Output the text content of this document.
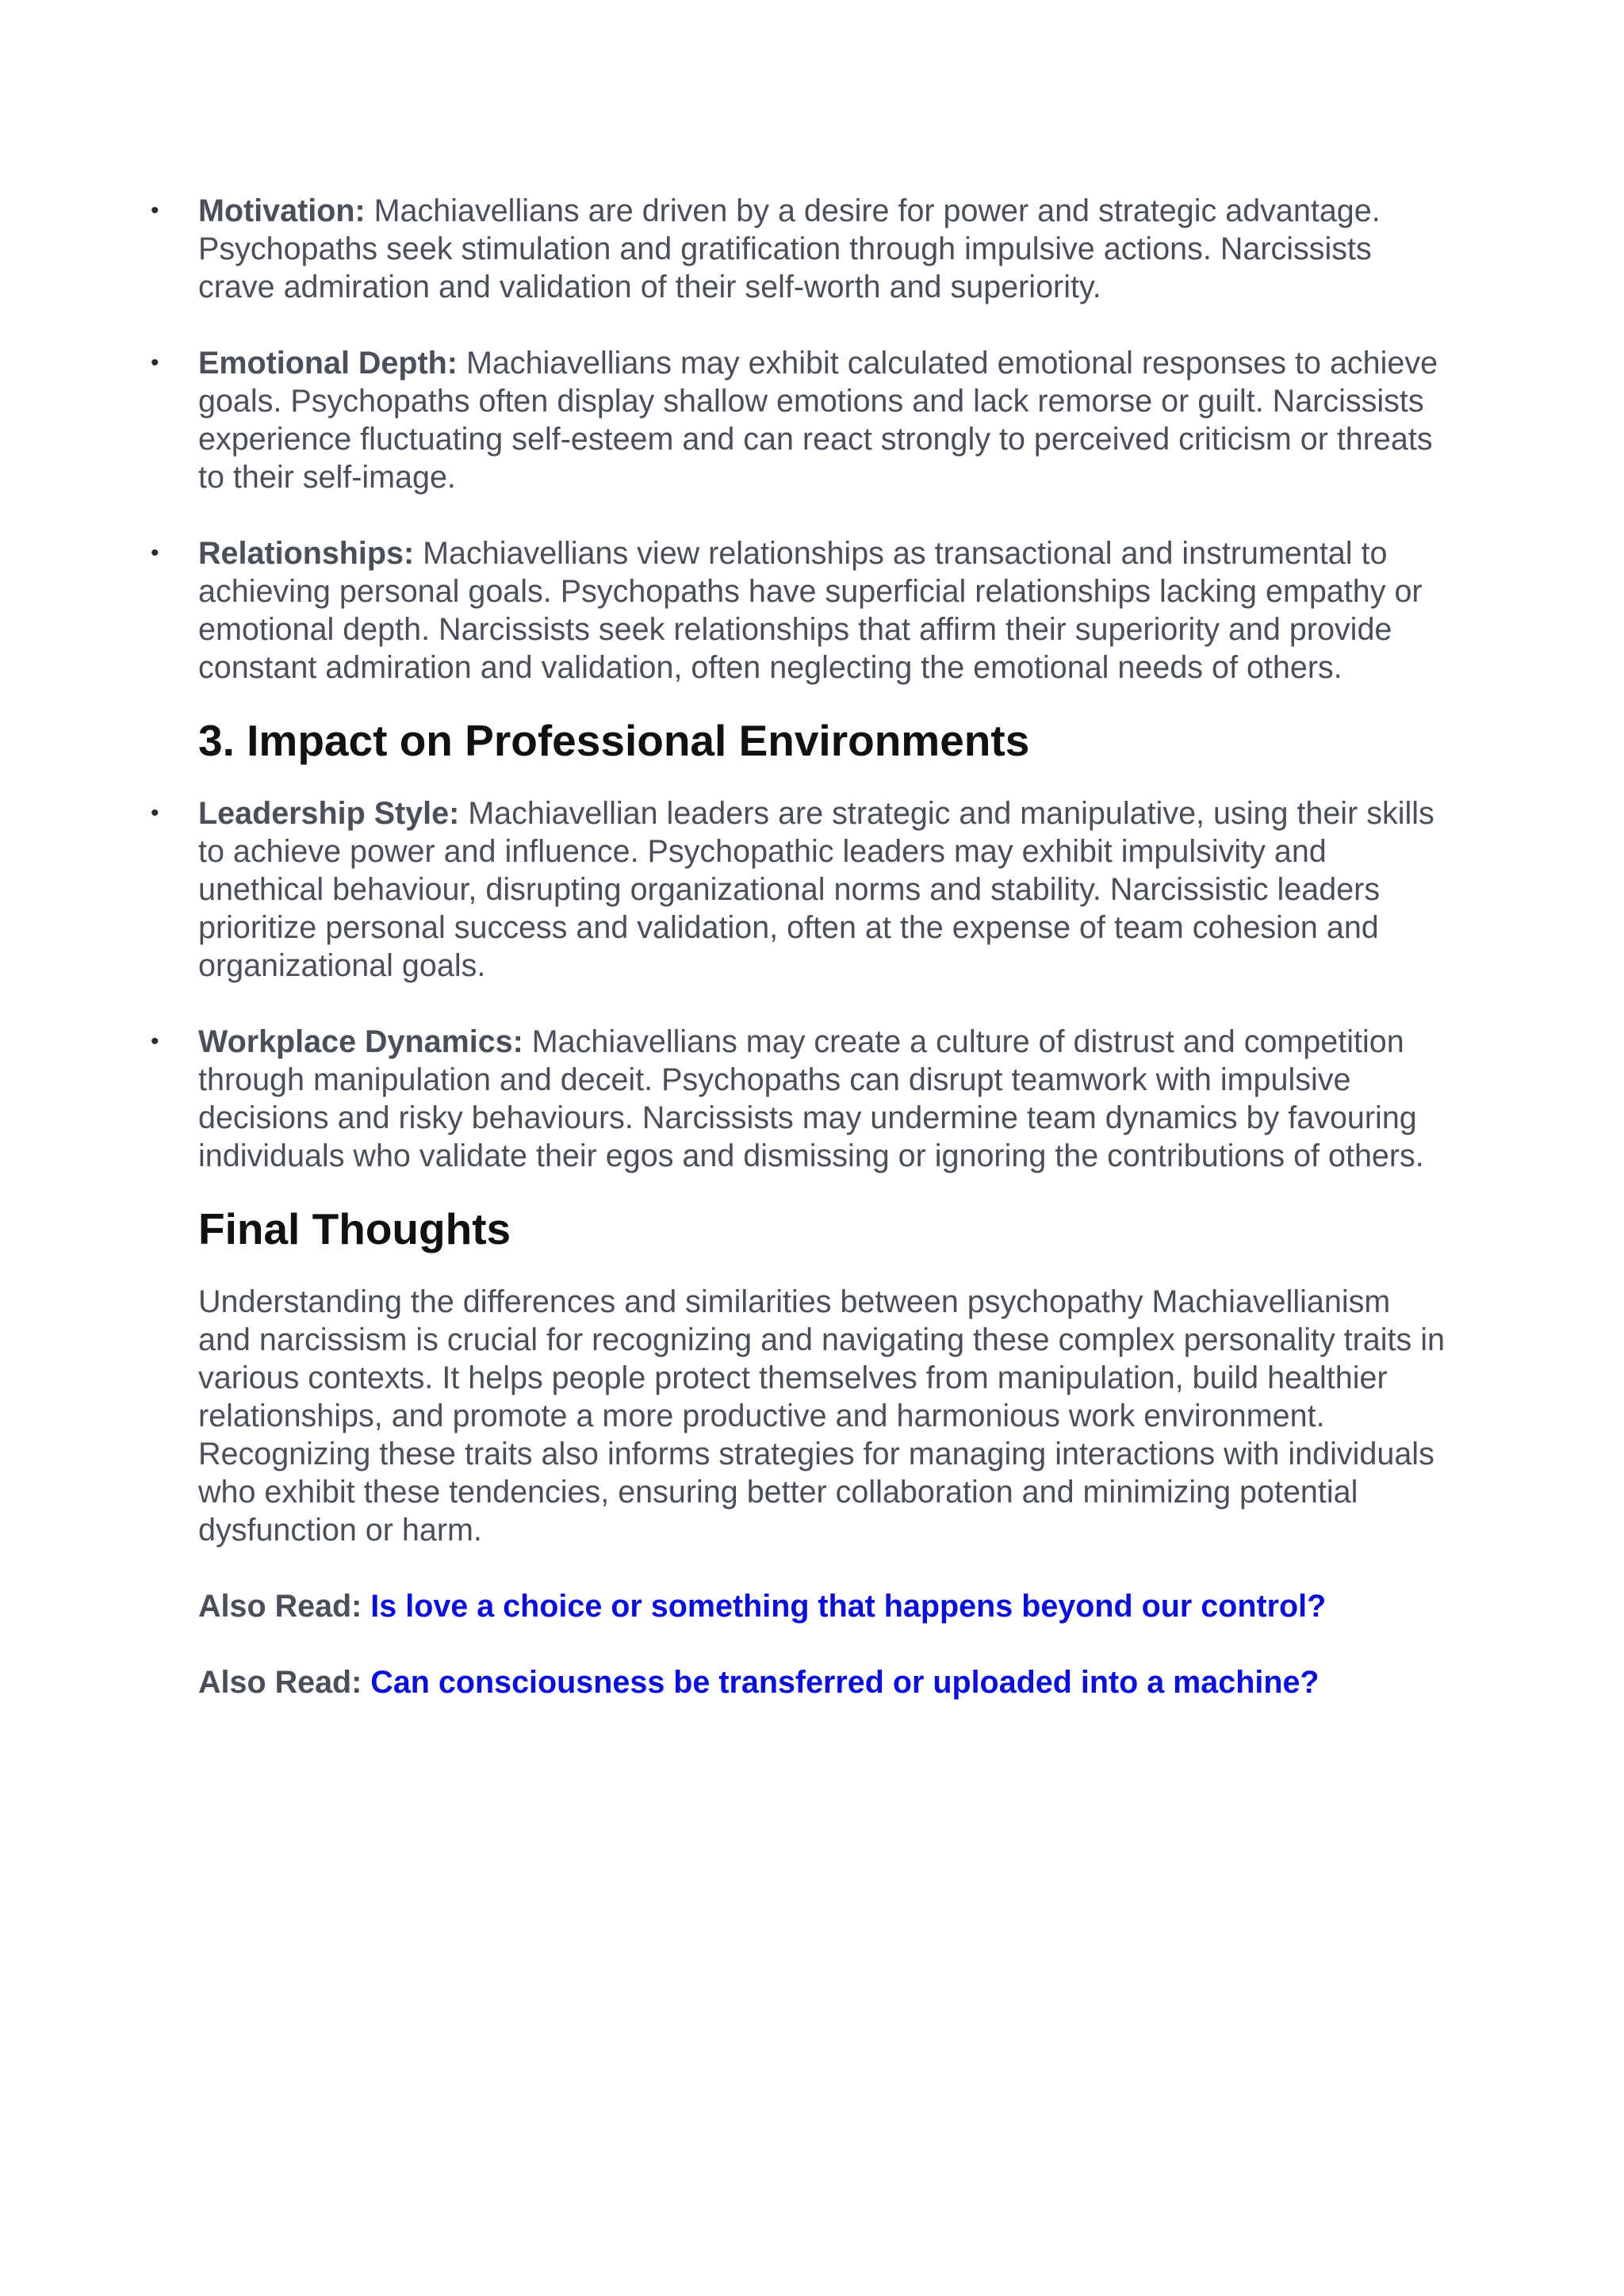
• Motivation: Machiavellians are driven by a desire for power and strategic advantage. Psychopaths seek stimulation and gratification through impulsive actions. Narcissists crave admiration and validation of their self-worth and superiority.
• Emotional Depth: Machiavellians may exhibit calculated emotional responses to achieve goals. Psychopaths often display shallow emotions and lack remorse or guilt. Narcissists experience fluctuating self-esteem and can react strongly to perceived criticism or threats to their self-image.
• Relationships: Machiavellians view relationships as transactional and instrumental to achieving personal goals. Psychopaths have superficial relationships lacking empathy or emotional depth. Narcissists seek relationships that affirm their superiority and provide constant admiration and validation, often neglecting the emotional needs of others.
3. Impact on Professional Environments
• Leadership Style: Machiavellian leaders are strategic and manipulative, using their skills to achieve power and influence. Psychopathic leaders may exhibit impulsivity and unethical behaviour, disrupting organizational norms and stability. Narcissistic leaders prioritize personal success and validation, often at the expense of team cohesion and organizational goals.
• Workplace Dynamics: Machiavellians may create a culture of distrust and competition through manipulation and deceit. Psychopaths can disrupt teamwork with impulsive decisions and risky behaviours. Narcissists may undermine team dynamics by favouring individuals who validate their egos and dismissing or ignoring the contributions of others.
Final Thoughts

Understanding the differences and similarities between psychopathy Machiavellianism and narcissism is crucial for recognizing and navigating these complex personality traits in various contexts. It helps people protect themselves from manipulation, build healthier relationships, and promote a more productive and harmonious work environment. Recognizing these traits also informs strategies for managing interactions with individuals who exhibit these tendencies, ensuring better collaboration and minimizing potential dysfunction or harm.

Also Read: Is love a choice or something that happens beyond our control?
Also Read: Can consciousness be transferred or uploaded into a machine?
